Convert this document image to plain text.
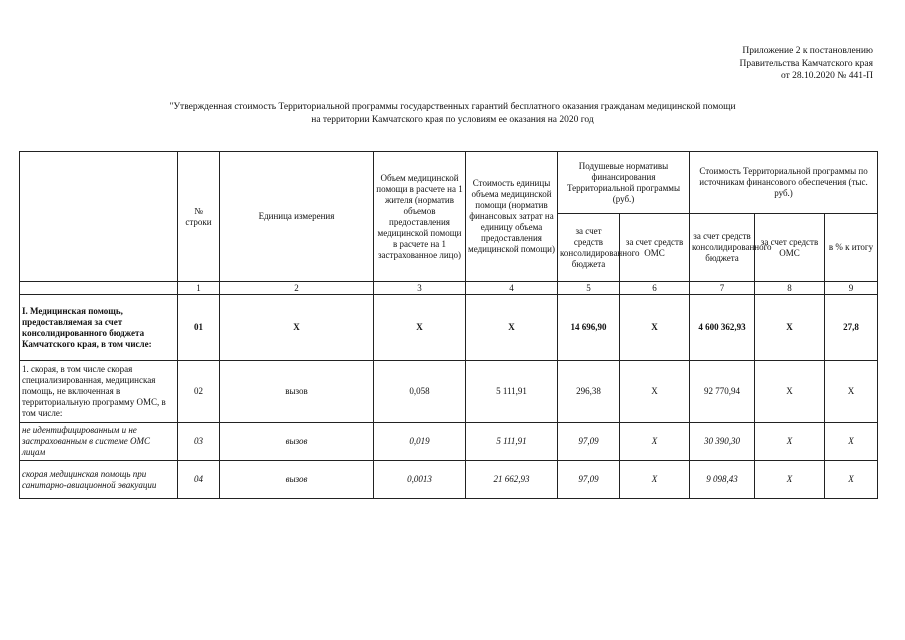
Приложение 2 к постановлению
Правительства Камчатского края
от 28.10.2020 № 441-П
"Утвержденная стоимость Территориальной программы государственных гарантий бесплатного оказания гражданам медицинской помощи
на территории Камчатского края по условиям ее оказания на 2020 год
	№ строки	Единица измерения	Объем медицинской помощи в расчете на 1 жителя (норматив объемов предоставления медицинской помощи в расчете на 1 застрахованное лицо)	Стоимость единицы объема медицинской помощи (норматив финансовых затрат на единицу объема предоставления медицинской помощи)	Подушевые нормативы финансирования Территориальной программы (руб.)		Стоимость Территориальной программы по источникам финансового обеспечения (тыс. руб.)		
					за счет средств консолидированного бюджета	за счет средств ОМС	за счет средств консолидированного бюджета	за счет средств ОМС	в % к итогу
	1	2	3	4	5	6	7	8	9
I. Медицинская помощь, предоставляемая за счет консолидированного бюджета Камчатского края, в том числе:	01	X	X	X	14 696,90	X	4 600 362,93	X	27,8
1. скорая, в том числе скорая специализированная, медицинская помощь, не включенная в территориальную программу ОМС, в том числе:	02	вызов	0,058	5 111,91	296,38	X	92 770,94	X	X
не идентифицированным и не застрахованным в системе ОМС лицам	03	вызов	0,019	5 111,91	97,09	X	30 390,30	X	X
скорая медицинская помощь при санитарно-авиационной эвакуации	04	вызов	0,0013	21 662,93	97,09	X	9 098,43	X	X
